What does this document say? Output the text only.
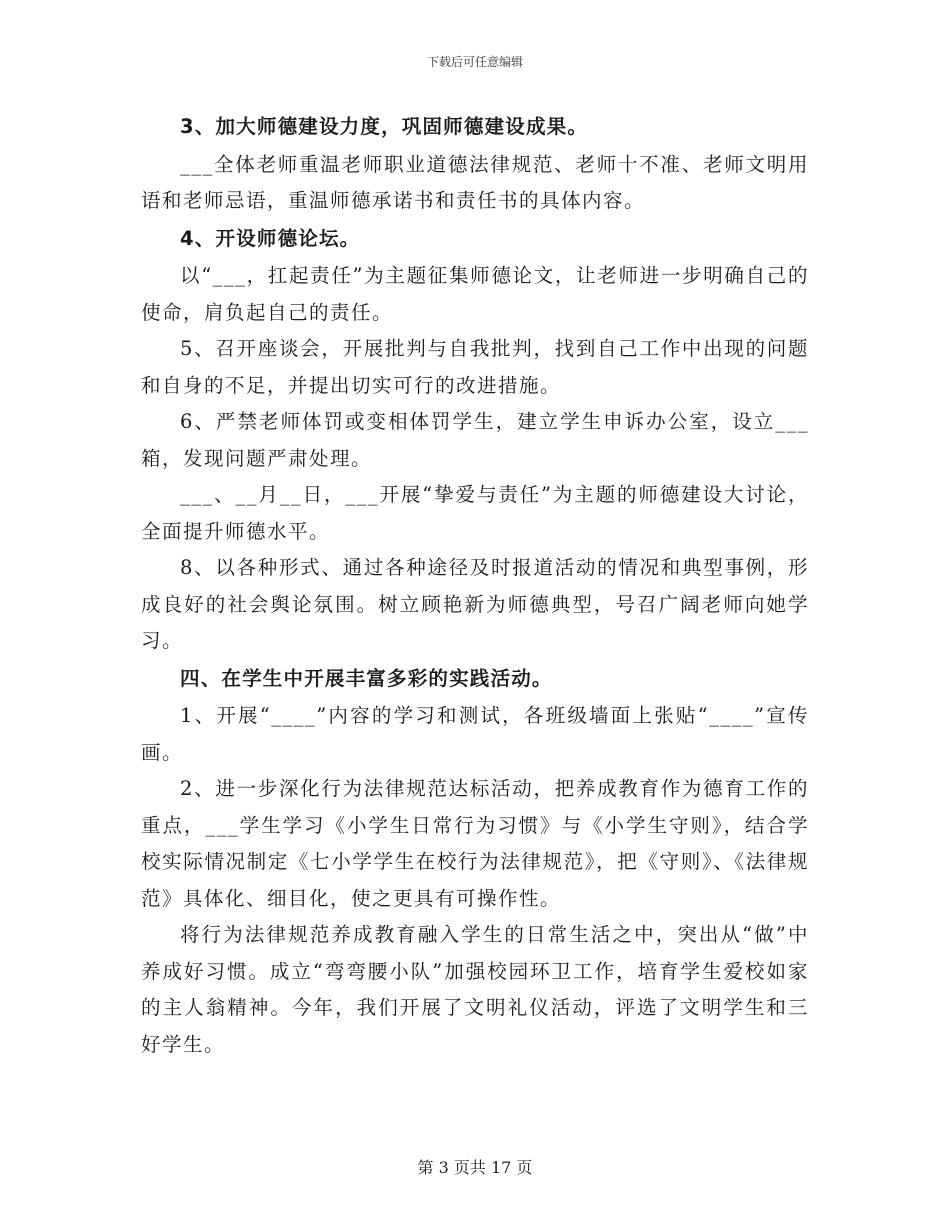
下载后可任意编辑

3、加大师德建设力度，巩固师德建设成果。

___全体老师重温老师职业道德法律规范、老师十不准、老师文明用语和老师忌语，重温师德承诺书和责任书的具体内容。

4、开设师德论坛。

以“___，扛起责任”为主题征集师德论文，让老师进一步明确自己的使命，肩负起自己的责任。

5、召开座谈会，开展批判与自我批判，找到自己工作中出现的问题和自身的不足，并提出切实可行的改进措施。

6、严禁老师体罚或变相体罚学生，建立学生申诉办公室，设立___箱，发现问题严肃处理。

___、__月__日，___开展“挚爱与责任”为主题的师德建设大讨论，全面提升师德水平。

8、以各种形式、通过各种途径及时报道活动的情况和典型事例，形成良好的社会舆论氛围。树立顾艳新为师德典型，号召广阔老师向她学习。

四、在学生中开展丰富多彩的实践活动。

1、开展“____”内容的学习和测试，各班级墙面上张贴“____”宣传画。

2、进一步深化行为法律规范达标活动，把养成教育作为德育工作的重点，___学生学习《小学生日常行为习惯》与《小学生守则》，结合学校实际情况制定《七小学学生在校行为法律规范》，把《守则》、《法律规范》具体化、细目化，使之更具有可操作性。

将行为法律规范养成教育融入学生的日常生活之中，突出从“做”中养成好习惯。成立“弯弯腰小队”加强校园环卫工作，培育学生爱校如家的主人翁精神。今年，我们开展了文明礼仪活动，评选了文明学生和三好学生。

第 3 页共 17 页
